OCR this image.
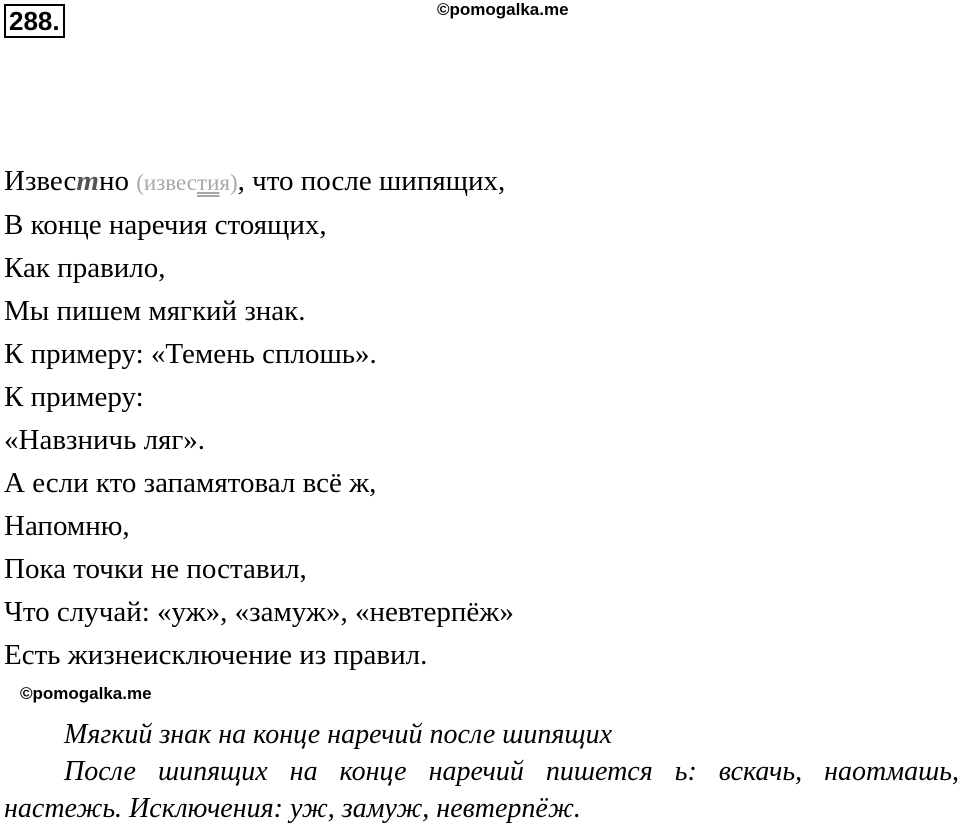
288.	©pomogalka.me
Известно (известия), что после шипящих,
В конце наречия стоящих,
Как правило,
Мы пишем мягкий знак.
К примеру: «Темень сплошь».
К примеру:
«Навзничь ляг».
А если кто запамятовал всё ж,
Напомню,
Пока точки не поставил,
Что случай: «уж», «замуж», «невтерпёж»
Есть жизнеисключение из правил.
©pomogalka.me
Мягкий знак на конце наречий после шипящих

После шипящих на конце наречий пишется ь: вскачь, наотмашь, настежь. Исключения: уж, замуж, невтерпёж.
